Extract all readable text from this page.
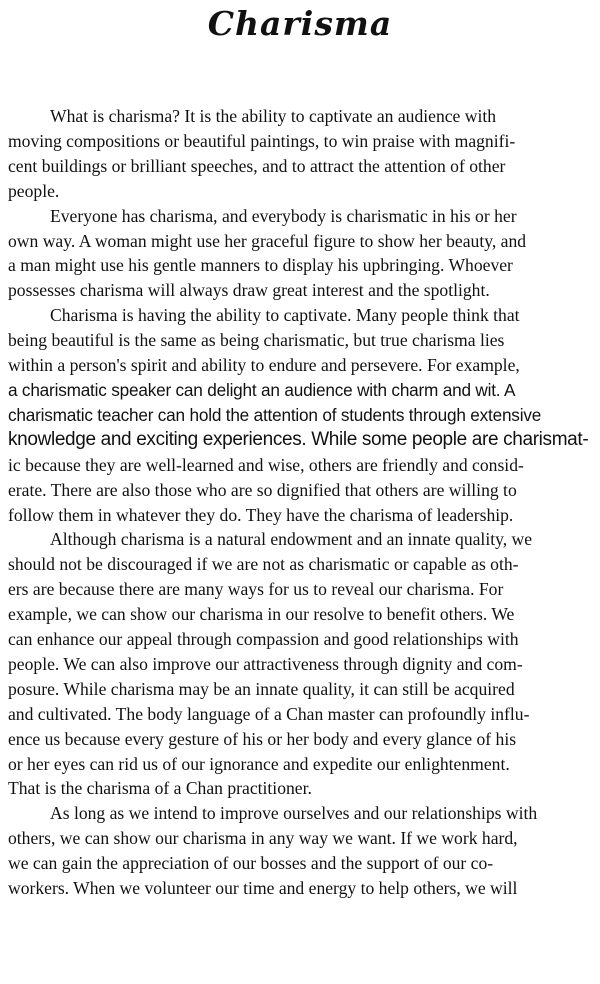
Charisma

What is charisma? It is the ability to captivate an audience with
moving compositions or beautiful paintings, to win praise with magnifi-
cent buildings or brilliant speeches, and to attract the attention of other
people.

Everyone has charisma, and everybody is charismatic in his or her
own way. A woman might use her graceful figure to show her beauty, and
a man might use his gentle manners to display his upbringing. Whoever
possesses charisma will always draw great interest and the spotlight.

Charisma is having the ability to captivate. Many people think that
being beautiful is the same as being charismatic, but true charisma lies
within a person's spirit and ability to endure and persevere. For example,
a charismatic speaker can delight an audience with charm and wit. A
charismatic teacher can hold the attention of students through extensive
knowledge and exciting experiences. While some people are charismat-
ic because they are well-learned and wise, others are friendly and consid-
erate. There are also those who are so dignified that others are willing to
follow them in whatever they do. They have the charisma of leadership.

Although charisma is a natural endowment and an innate quality, we
should not be discouraged if we are not as charismatic or capable as oth-
ers are because there are many ways for us to reveal our charisma. For
example, we can show our charisma in our resolve to benefit others. We
can enhance our appeal through compassion and good relationships with
people. We can also improve our attractiveness through dignity and com-
posure. While charisma may be an innate quality, it can still be acquired
and cultivated. The body language of a Chan master can profoundly influ-
ence us because every gesture of his or her body and every glance of his
or her eyes can rid us of our ignorance and expedite our enlightenment.
That is the charisma of a Chan practitioner.

As long as we intend to improve ourselves and our relationships with
others, we can show our charisma in any way we want. If we work hard,
we can gain the appreciation of our bosses and the support of our co-
workers. When we volunteer our time and energy to help others, we will
